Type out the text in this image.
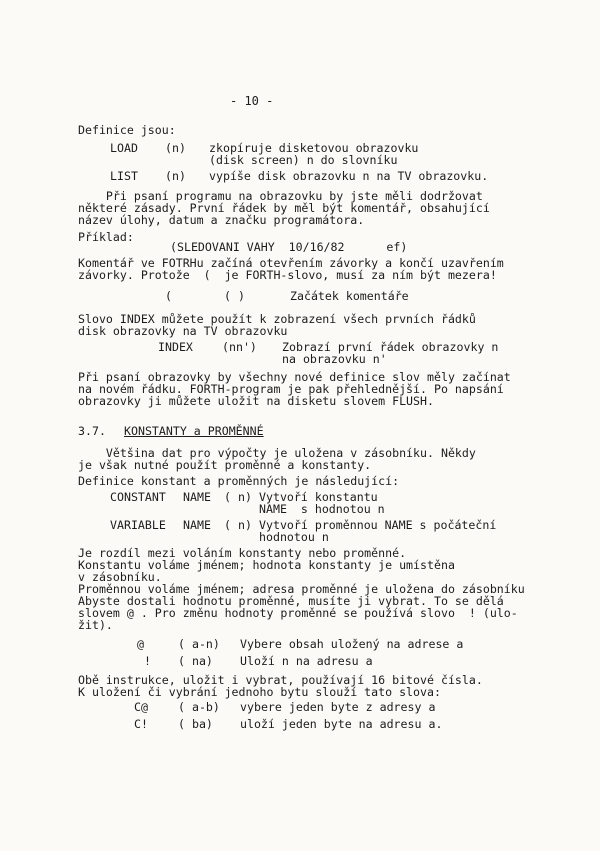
- 10 -
Definice jsou:
LOAD (n) zkopíruje disketovou obrazovku
(disk screen) n do slovníku
LIST (n) vypíše disk obrazovku n na TV obrazovku.
Při psaní programu na obrazovku by jste měli dodržovat
některé zásady. První řádek by měl být komentář, obsahující
název úlohy, datum a značku programátora.
Příklad:
(SLEDOVANI VAHY  10/16/82      ef)
Komentář ve FOTRHu začíná otevřením závorky a končí uzavřením
závorky. Protože  (  je FORTH-slovo, musí za ním být mezera!
(	( )	Začátek komentáře
Slovo INDEX můžete použít k zobrazení všech prvních řádků
disk obrazovky na TV obrazovku
INDEX	(nn') Zobrazí první řádek obrazovky n
na obrazovku n'
Při psaní obrazovky by všechny nové definice slov měly začínat
na novém řádku. FORTH-program je pak přehlednější. Po napsání
obrazovky ji můžete uložit na disketu slovem FLUSH.
3.7. KONSTANTY a PROMĚNNÉ
Většina dat pro výpočty je uložena v zásobníku. Někdy
je však nutné použít proměnné a konstanty.
Definice konstant a proměnných je následující:
CONSTANT NAME ( n) Vytvoří konstantu
NAME  s hodnotou n
VARIABLE NAME ( n) Vytvoří proměnnou NAME s počáteční
hodnotou n
Je rozdíl mezi voláním konstanty nebo proměnné.
Konstantu voláme jménem; hodnota konstanty je umístěna
v zásobníku.
Proměnnou voláme jménem; adresa proměnné je uložena do zásobníku
Abyste dostali hodnotu proměnné, musíte ji vybrat. To se dělá
slovem @ . Pro změnu hodnoty proměnné se používá slovo  ! (ulo-
žit).
@	( a-n) Vybere obsah uložený na adrese a
! ( na) Uloží n na adresu a
Obě instrukce, uložit i vybrat, používají 16 bitové čísla.
K uložení či vybrání jednoho bytu slouží tato slova:
C@	( a-b) vybere jeden byte z adresy a
C!	( ba) uloží jeden byte na adresu a.
